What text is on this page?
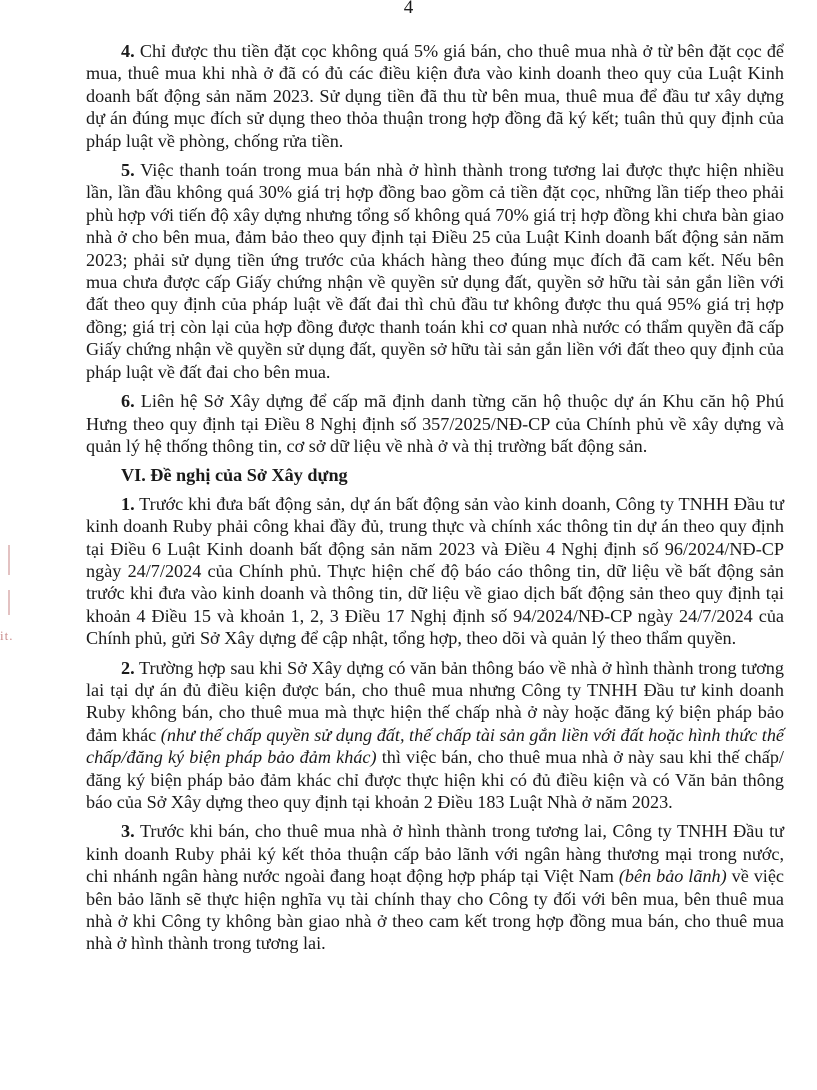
4
it.

4. Chỉ được thu tiền đặt cọc không quá 5% giá bán, cho thuê mua nhà ở từ bên đặt cọc để mua, thuê mua khi nhà ở đã có đủ các điều kiện đưa vào kinh doanh theo quy của Luật Kinh doanh bất động sản năm 2023. Sử dụng tiền đã thu từ bên mua, thuê mua để đầu tư xây dựng dự án đúng mục đích sử dụng theo thỏa thuận trong hợp đồng đã ký kết; tuân thủ quy định của pháp luật về phòng, chống rửa tiền.

5. Việc thanh toán trong mua bán nhà ở hình thành trong tương lai được thực hiện nhiều lần, lần đầu không quá 30% giá trị hợp đồng bao gồm cả tiền đặt cọc, những lần tiếp theo phải phù hợp với tiến độ xây dựng nhưng tổng số không quá 70% giá trị hợp đồng khi chưa bàn giao nhà ở cho bên mua, đảm bảo theo quy định tại Điều 25 của Luật Kinh doanh bất động sản năm 2023; phải sử dụng tiền ứng trước của khách hàng theo đúng mục đích đã cam kết. Nếu bên mua chưa được cấp Giấy chứng nhận về quyền sử dụng đất, quyền sở hữu tài sản gắn liền với đất theo quy định của pháp luật về đất đai thì chủ đầu tư không được thu quá 95% giá trị hợp đồng; giá trị còn lại của hợp đồng được thanh toán khi cơ quan nhà nước có thẩm quyền đã cấp Giấy chứng nhận về quyền sử dụng đất, quyền sở hữu tài sản gắn liền với đất theo quy định của pháp luật về đất đai cho bên mua.

6. Liên hệ Sở Xây dựng để cấp mã định danh từng căn hộ thuộc dự án Khu căn hộ Phú Hưng theo quy định tại Điều 8 Nghị định số 357/2025/NĐ-CP của Chính phủ về xây dựng và quản lý hệ thống thông tin, cơ sở dữ liệu về nhà ở và thị trường bất động sản.

VI. Đề nghị của Sở Xây dựng

1. Trước khi đưa bất động sản, dự án bất động sản vào kinh doanh, Công ty TNHH Đầu tư kinh doanh Ruby phải công khai đầy đủ, trung thực và chính xác thông tin dự án theo quy định tại Điều 6 Luật Kinh doanh bất động sản năm 2023 và Điều 4 Nghị định số 96/2024/NĐ-CP ngày 24/7/2024 của Chính phủ. Thực hiện chế độ báo cáo thông tin, dữ liệu về bất động sản trước khi đưa vào kinh doanh và thông tin, dữ liệu về giao dịch bất động sản theo quy định tại khoản 4 Điều 15 và khoản 1, 2, 3 Điều 17 Nghị định số 94/2024/NĐ-CP ngày 24/7/2024 của Chính phủ, gửi Sở Xây dựng để cập nhật, tổng hợp, theo dõi và quản lý theo thẩm quyền.

2. Trường hợp sau khi Sở Xây dựng có văn bản thông báo về nhà ở hình thành trong tương lai tại dự án đủ điều kiện được bán, cho thuê mua nhưng Công ty TNHH Đầu tư kinh doanh Ruby không bán, cho thuê mua mà thực hiện thế chấp nhà ở này hoặc đăng ký biện pháp bảo đảm khác (như thế chấp quyền sử dụng đất, thế chấp tài sản gắn liền với đất hoặc hình thức thế chấp/đăng ký biện pháp bảo đảm khác) thì việc bán, cho thuê mua nhà ở này sau khi thế chấp/đăng ký biện pháp bảo đảm khác chỉ được thực hiện khi có đủ điều kiện và có Văn bản thông báo của Sở Xây dựng theo quy định tại khoản 2 Điều 183 Luật Nhà ở năm 2023.

3. Trước khi bán, cho thuê mua nhà ở hình thành trong tương lai, Công ty TNHH Đầu tư kinh doanh Ruby phải ký kết thỏa thuận cấp bảo lãnh với ngân hàng thương mại trong nước, chi nhánh ngân hàng nước ngoài đang hoạt động hợp pháp tại Việt Nam (bên bảo lãnh) về việc bên bảo lãnh sẽ thực hiện nghĩa vụ tài chính thay cho Công ty đối với bên mua, bên thuê mua nhà ở khi Công ty không bàn giao nhà ở theo cam kết trong hợp đồng mua bán, cho thuê mua nhà ở hình thành trong tương lai.
